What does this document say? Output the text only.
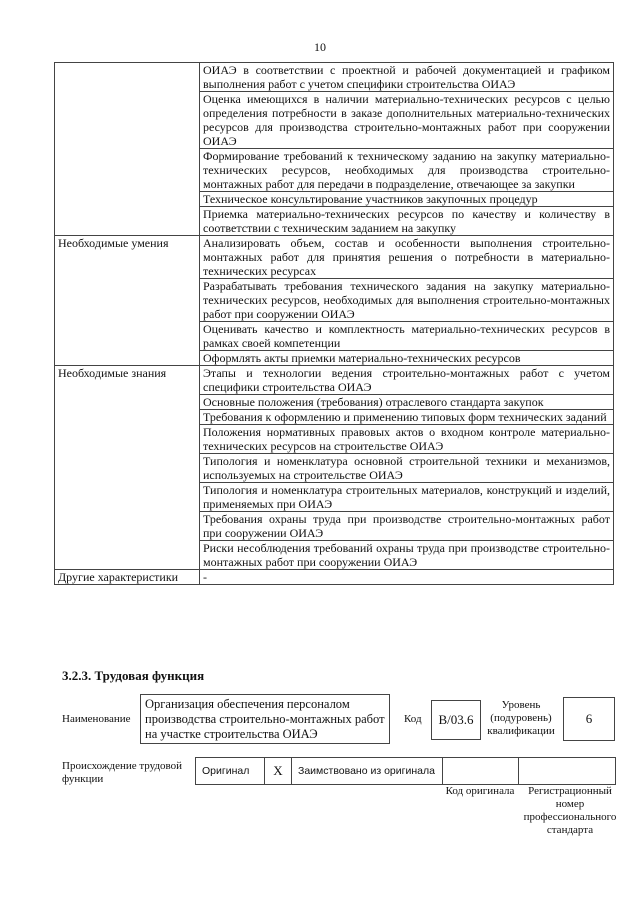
10
	ОИАЭ в соответствии с проектной и рабочей документацией и графиком выполнения работ с учетом специфики строительства ОИАЭ
	Оценка имеющихся в наличии материально-технических ресурсов с целью определения потребности в заказе дополнительных материально-технических ресурсов для производства строительно-монтажных работ при сооружении ОИАЭ
	Формирование требований к техническому заданию на закупку материально-технических ресурсов, необходимых для производства строительно-монтажных работ для передачи в подразделение, отвечающее за закупки
	Техническое консультирование участников закупочных процедур
	Приемка материально-технических ресурсов по качеству и количеству в соответствии с техническим заданием на закупку
Необходимые умения	Анализировать объем, состав и особенности выполнения строительно-монтажных работ для принятия решения о потребности в материально-технических ресурсах
	Разрабатывать требования технического задания на закупку материально-технических ресурсов, необходимых для выполнения строительно-монтажных работ при сооружении ОИАЭ
	Оценивать качество и комплектность материально-технических ресурсов в рамках своей компетенции
	Оформлять акты приемки материально-технических ресурсов
Необходимые знания	Этапы и технологии ведения строительно-монтажных работ с учетом специфики строительства ОИАЭ
	Основные положения (требования) отраслевого стандарта закупок
	Требования к оформлению и применению типовых форм технических заданий
	Положения нормативных правовых актов о входном контроле материально-технических ресурсов на строительстве ОИАЭ
	Типология и номенклатура основной строительной техники и механизмов, используемых на строительстве ОИАЭ
	Типология и номенклатура строительных материалов, конструкций и изделий, применяемых при ОИАЭ
	Требования охраны труда при производстве строительно-монтажных работ при сооружении ОИАЭ
	Риски несоблюдения требований охраны труда при производстве строительно-монтажных работ при сооружении ОИАЭ
Другие характеристики	-
3.2.3. Трудовая функция
Наименование
Организация обеспечения персоналом производства строительно-монтажных работ на участке строительства ОИАЭ
Код	B/03.6
Уровень (подуровень) квалификации
6
Происхождение трудовой функции
Оригинал	X	Заимствовано из оригинала		
Код оригинала	Регистрационный номер профессионального стандарта
